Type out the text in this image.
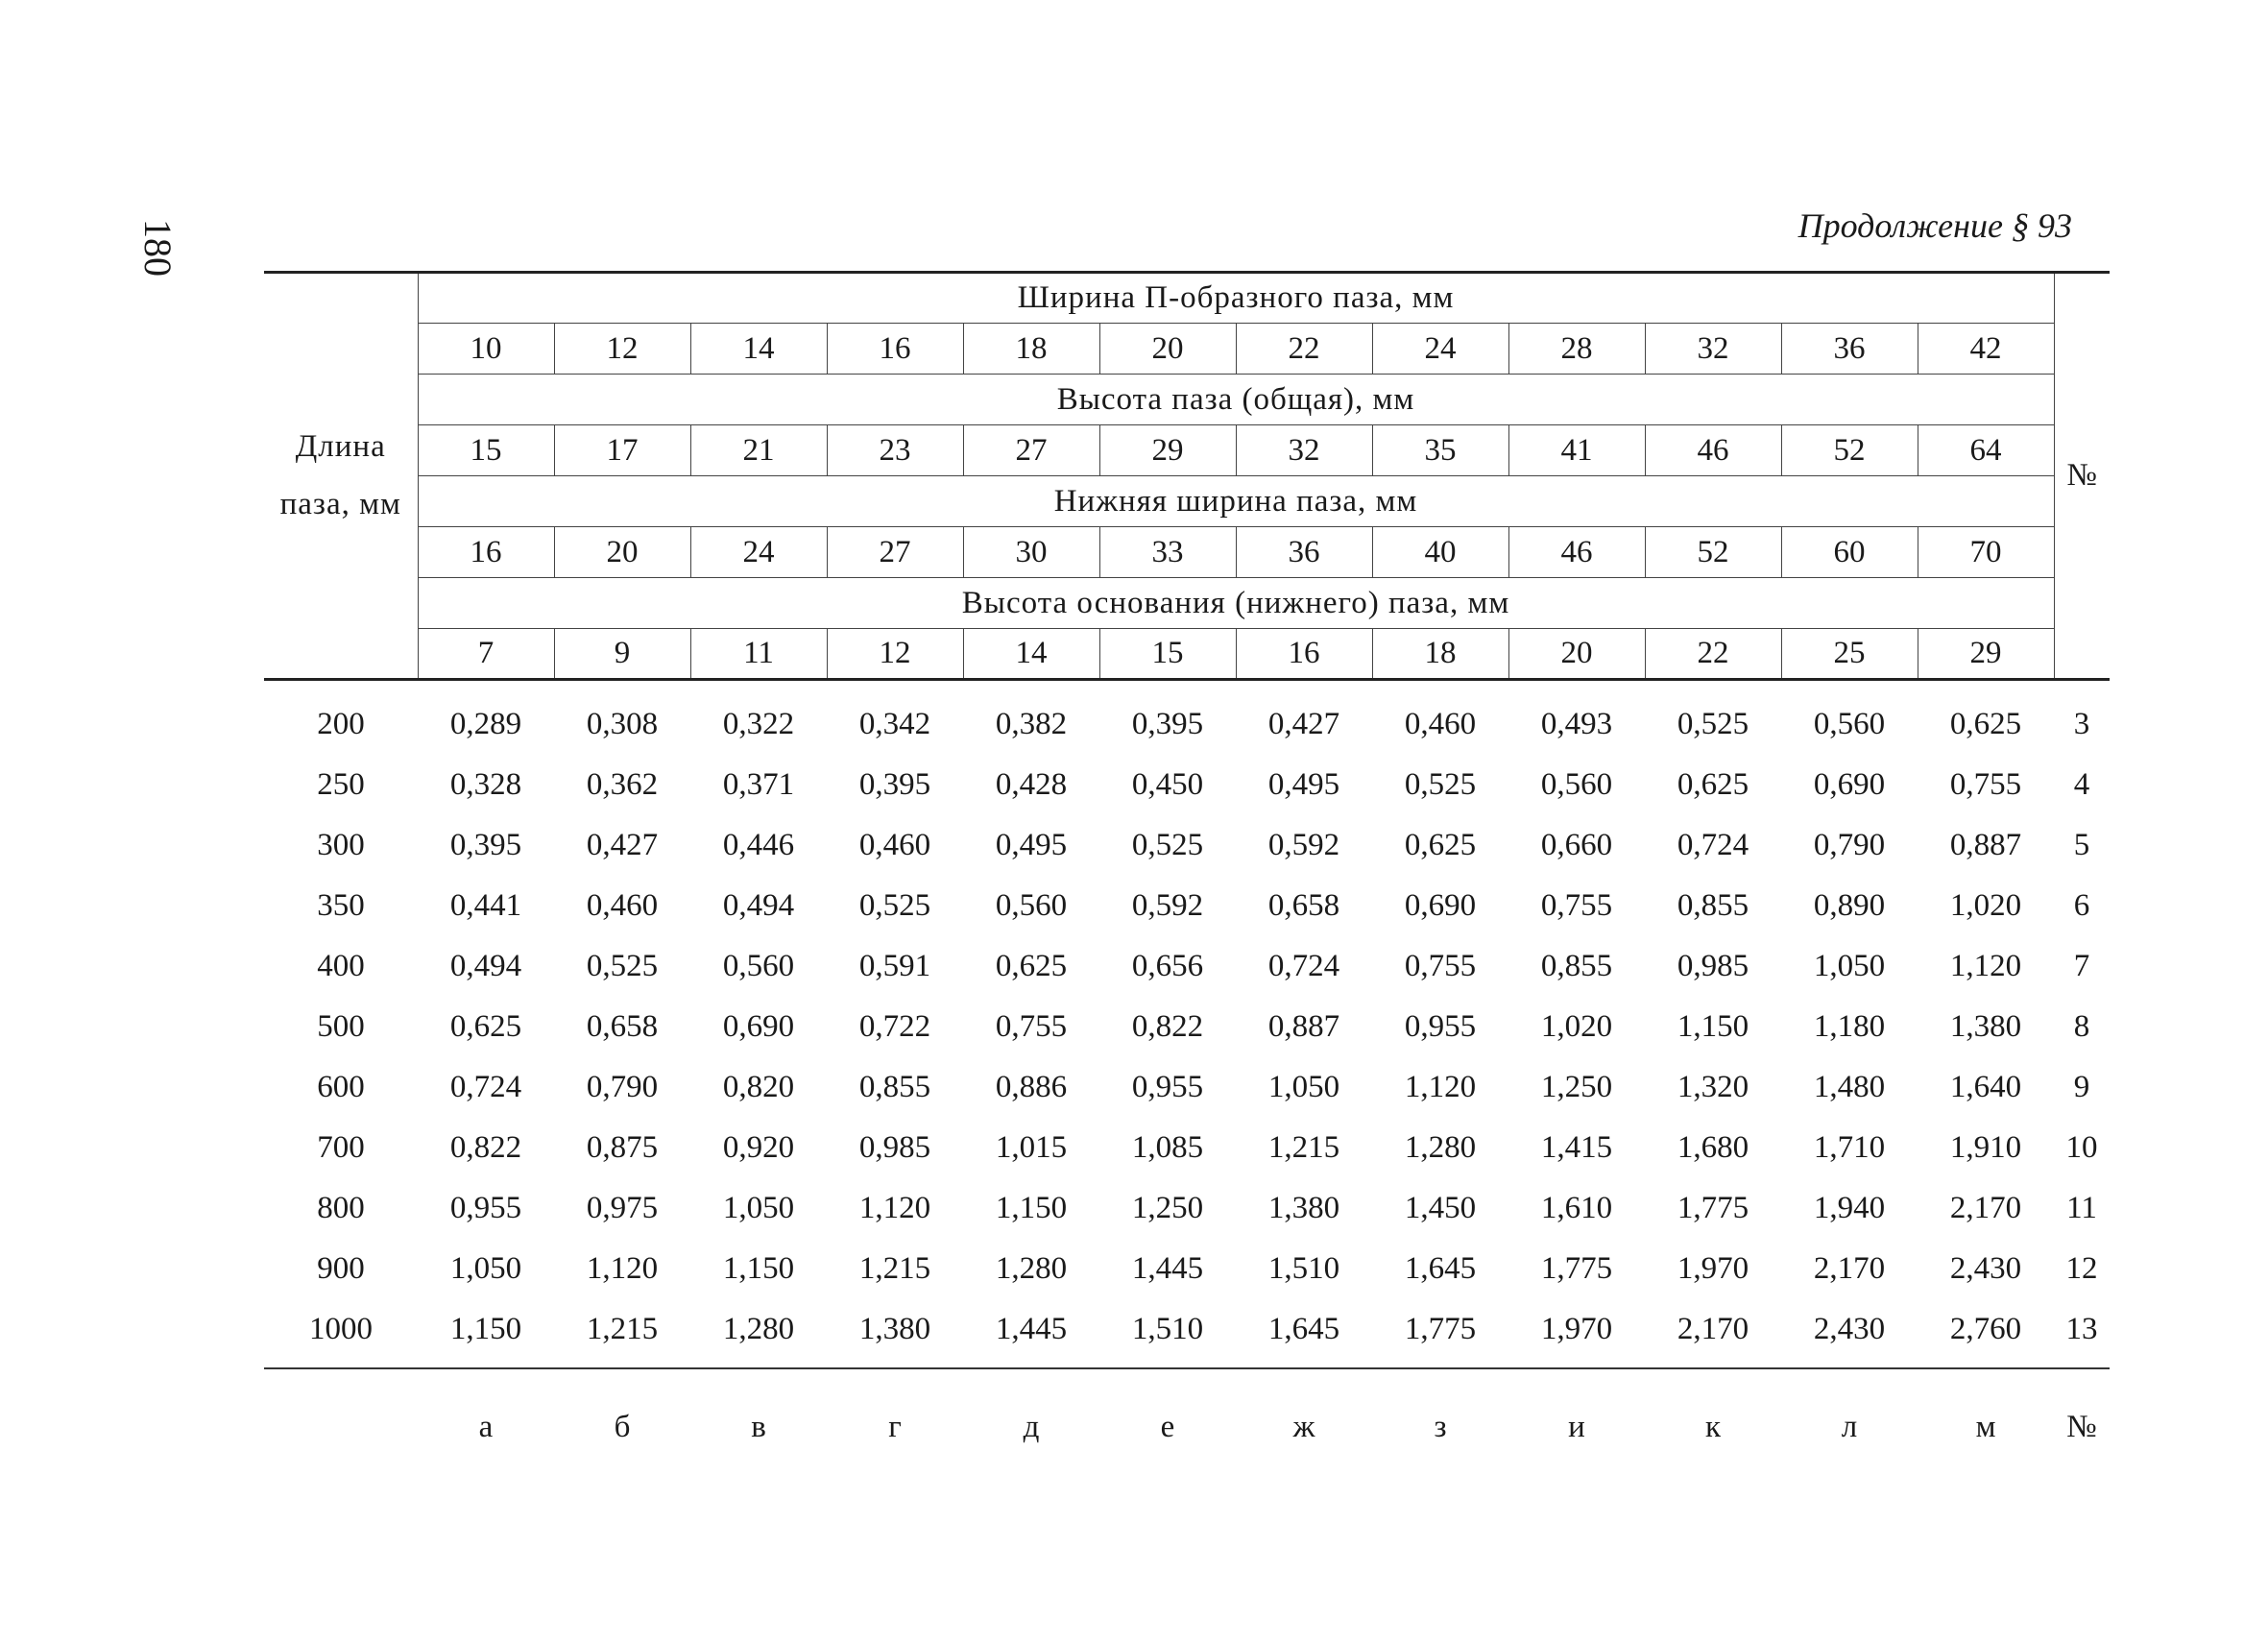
180	Продолжение § 93
Длина паза, мм	Ширина П-образного паза, мм												№
	10	12	14	16	18	20	22	24	28	32	36	42	
	Высота паза (общая), мм												
	15	17	21	23	27	29	32	35	41	46	52	64	
	Нижняя ширина паза, мм												
	16	20	24	27	30	33	36	40	46	52	60	70	
	Высота основания (нижнего) паза, мм												
	7	9	11	12	14	15	16	18	20	22	25	29	
200	0,289	0,308	0,322	0,342	0,382	0,395	0,427	0,460	0,493	0,525	0,560	0,625	3
250	0,328	0,362	0,371	0,395	0,428	0,450	0,495	0,525	0,560	0,625	0,690	0,755	4
300	0,395	0,427	0,446	0,460	0,495	0,525	0,592	0,625	0,660	0,724	0,790	0,887	5
350	0,441	0,460	0,494	0,525	0,560	0,592	0,658	0,690	0,755	0,855	0,890	1,020	6
400	0,494	0,525	0,560	0,591	0,625	0,656	0,724	0,755	0,855	0,985	1,050	1,120	7
500	0,625	0,658	0,690	0,722	0,755	0,822	0,887	0,955	1,020	1,150	1,180	1,380	8
600	0,724	0,790	0,820	0,855	0,886	0,955	1,050	1,120	1,250	1,320	1,480	1,640	9
700	0,822	0,875	0,920	0,985	1,015	1,085	1,215	1,280	1,415	1,680	1,710	1,910	10
800	0,955	0,975	1,050	1,120	1,150	1,250	1,380	1,450	1,610	1,775	1,940	2,170	11
900	1,050	1,120	1,150	1,215	1,280	1,445	1,510	1,645	1,775	1,970	2,170	2,430	12
1000	1,150	1,215	1,280	1,380	1,445	1,510	1,645	1,775	1,970	2,170	2,430	2,760	13
	а	б	в	г	д	е	ж	з	и	к	л	м	№
